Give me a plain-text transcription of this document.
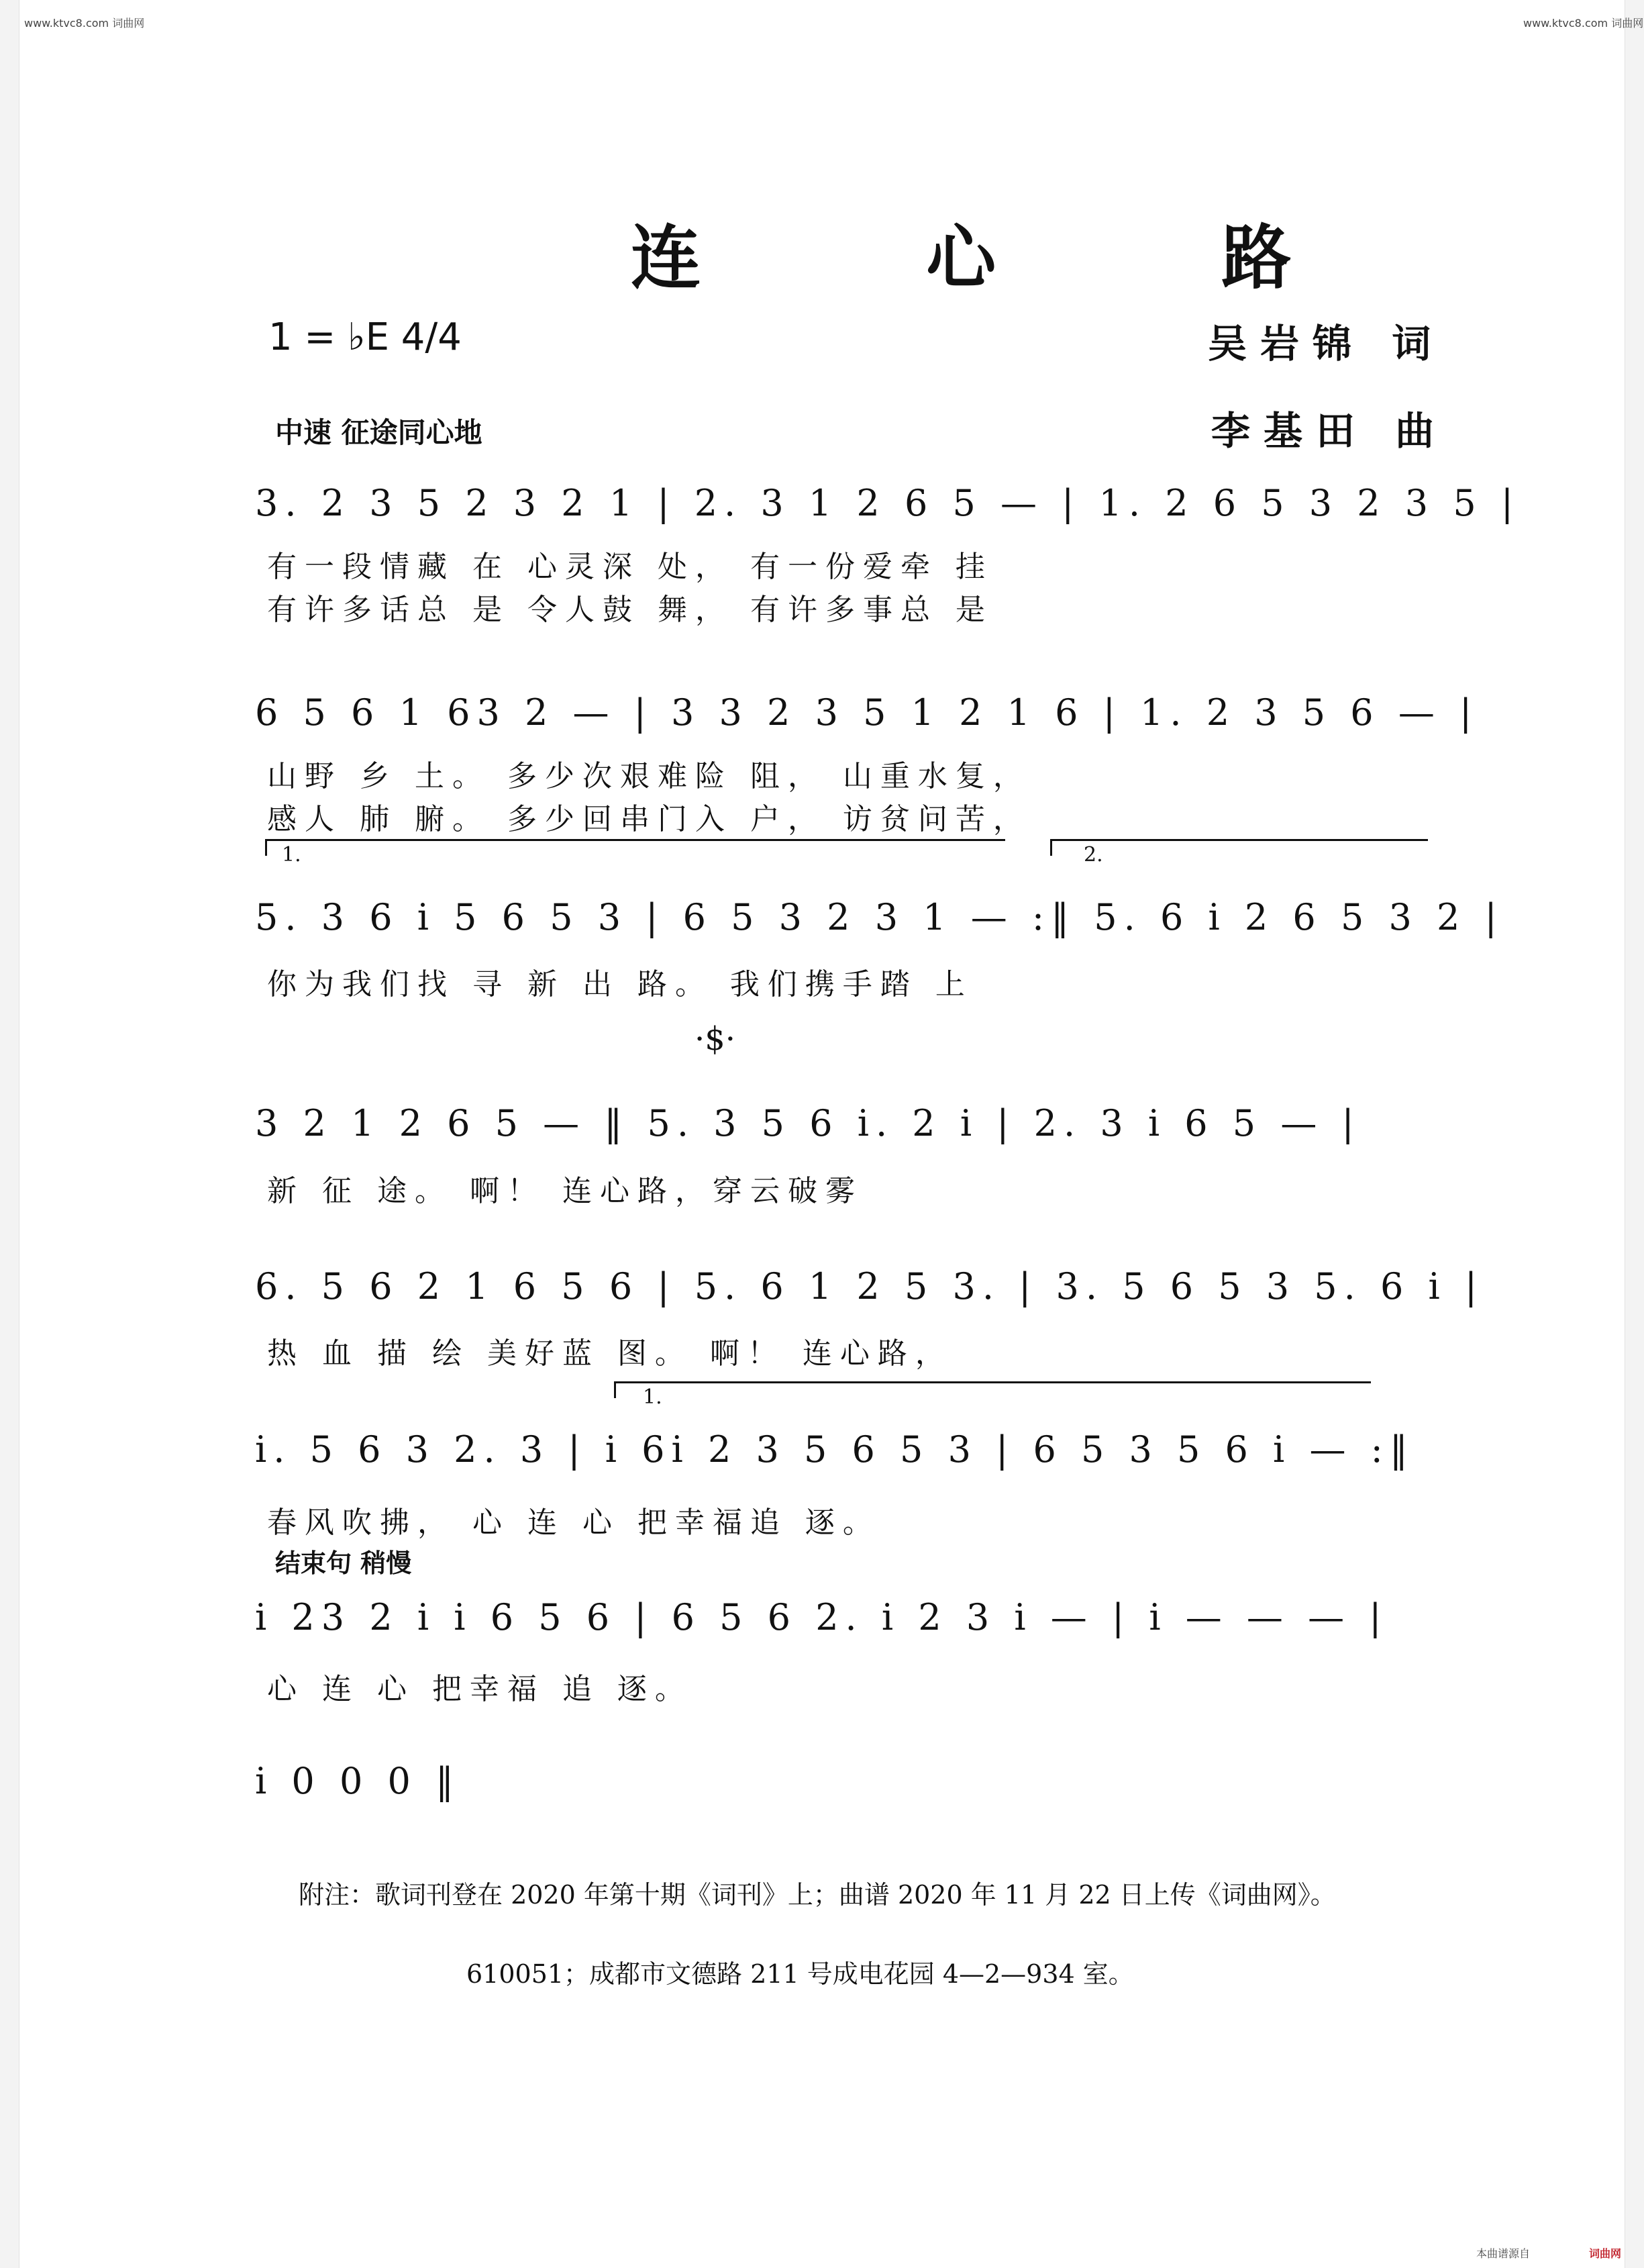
www.ktvc8.com 词曲网	www.ktvc8.com 词曲网
连 心 路
1 = ♭E 4/4	吴岩锦 词
中速 征途同心地	李基田 曲
3. 2 3 5 2 3 2 1 | 2. 3 1 2 6 5 — | 1. 2 6 5 3 2 3 5 |
有一段情藏 在 心灵深 处， 有一份爱牵 挂
有许多话总 是 令人鼓 舞， 有许多事总 是
6 5 6 1 63 2 — | 3 3 2 3 5 1 2 1 6 | 1. 2 3 5 6 — |
山野 乡 土。 多少次艰难险 阻， 山重水复，
感人 肺 腑。 多少回串门入 户， 访贫问苦，
1.	2.
5. 3 6 i 5 6 5 3 | 6 5 3 2 3 1 — :‖ 5. 6 i 2 6 5 3 2 |
你为我们找 寻 新 出 路。 我们携手踏 上
·$·
3 2 1 2 6 5 — ‖ 5. 3 5 6 i. 2 i | 2. 3 i 6 5 — |
新 征 途。 啊！ 连心路，穿云破雾
6. 5 6 2 1 6 5 6 | 5. 6 1 2 5 3. | 3. 5 6 5 3 5. 6 i |
热 血 描 绘 美好蓝 图。 啊！ 连心路，
1.
i. 5 6 3 2. 3 | i 6i 2 3 5 6 5 3 | 6 5 3 5 6 i — :‖
春风吹拂， 心 连 心 把幸福追 逐。
结束句 稍慢
i 23 2 i i 6 5 6 | 6 5 6 2. i 2 3 i — | i — — — |
心 连 心 把幸福 追 逐。
i 0 0 0 ‖
附注：歌词刊登在 2020 年第十期《词刊》上；曲谱 2020 年 11 月 22 日上传《词曲网》。
610051；成都市文德路 211 号成电花园 4—2—934 室。
本曲谱源自	词曲网
